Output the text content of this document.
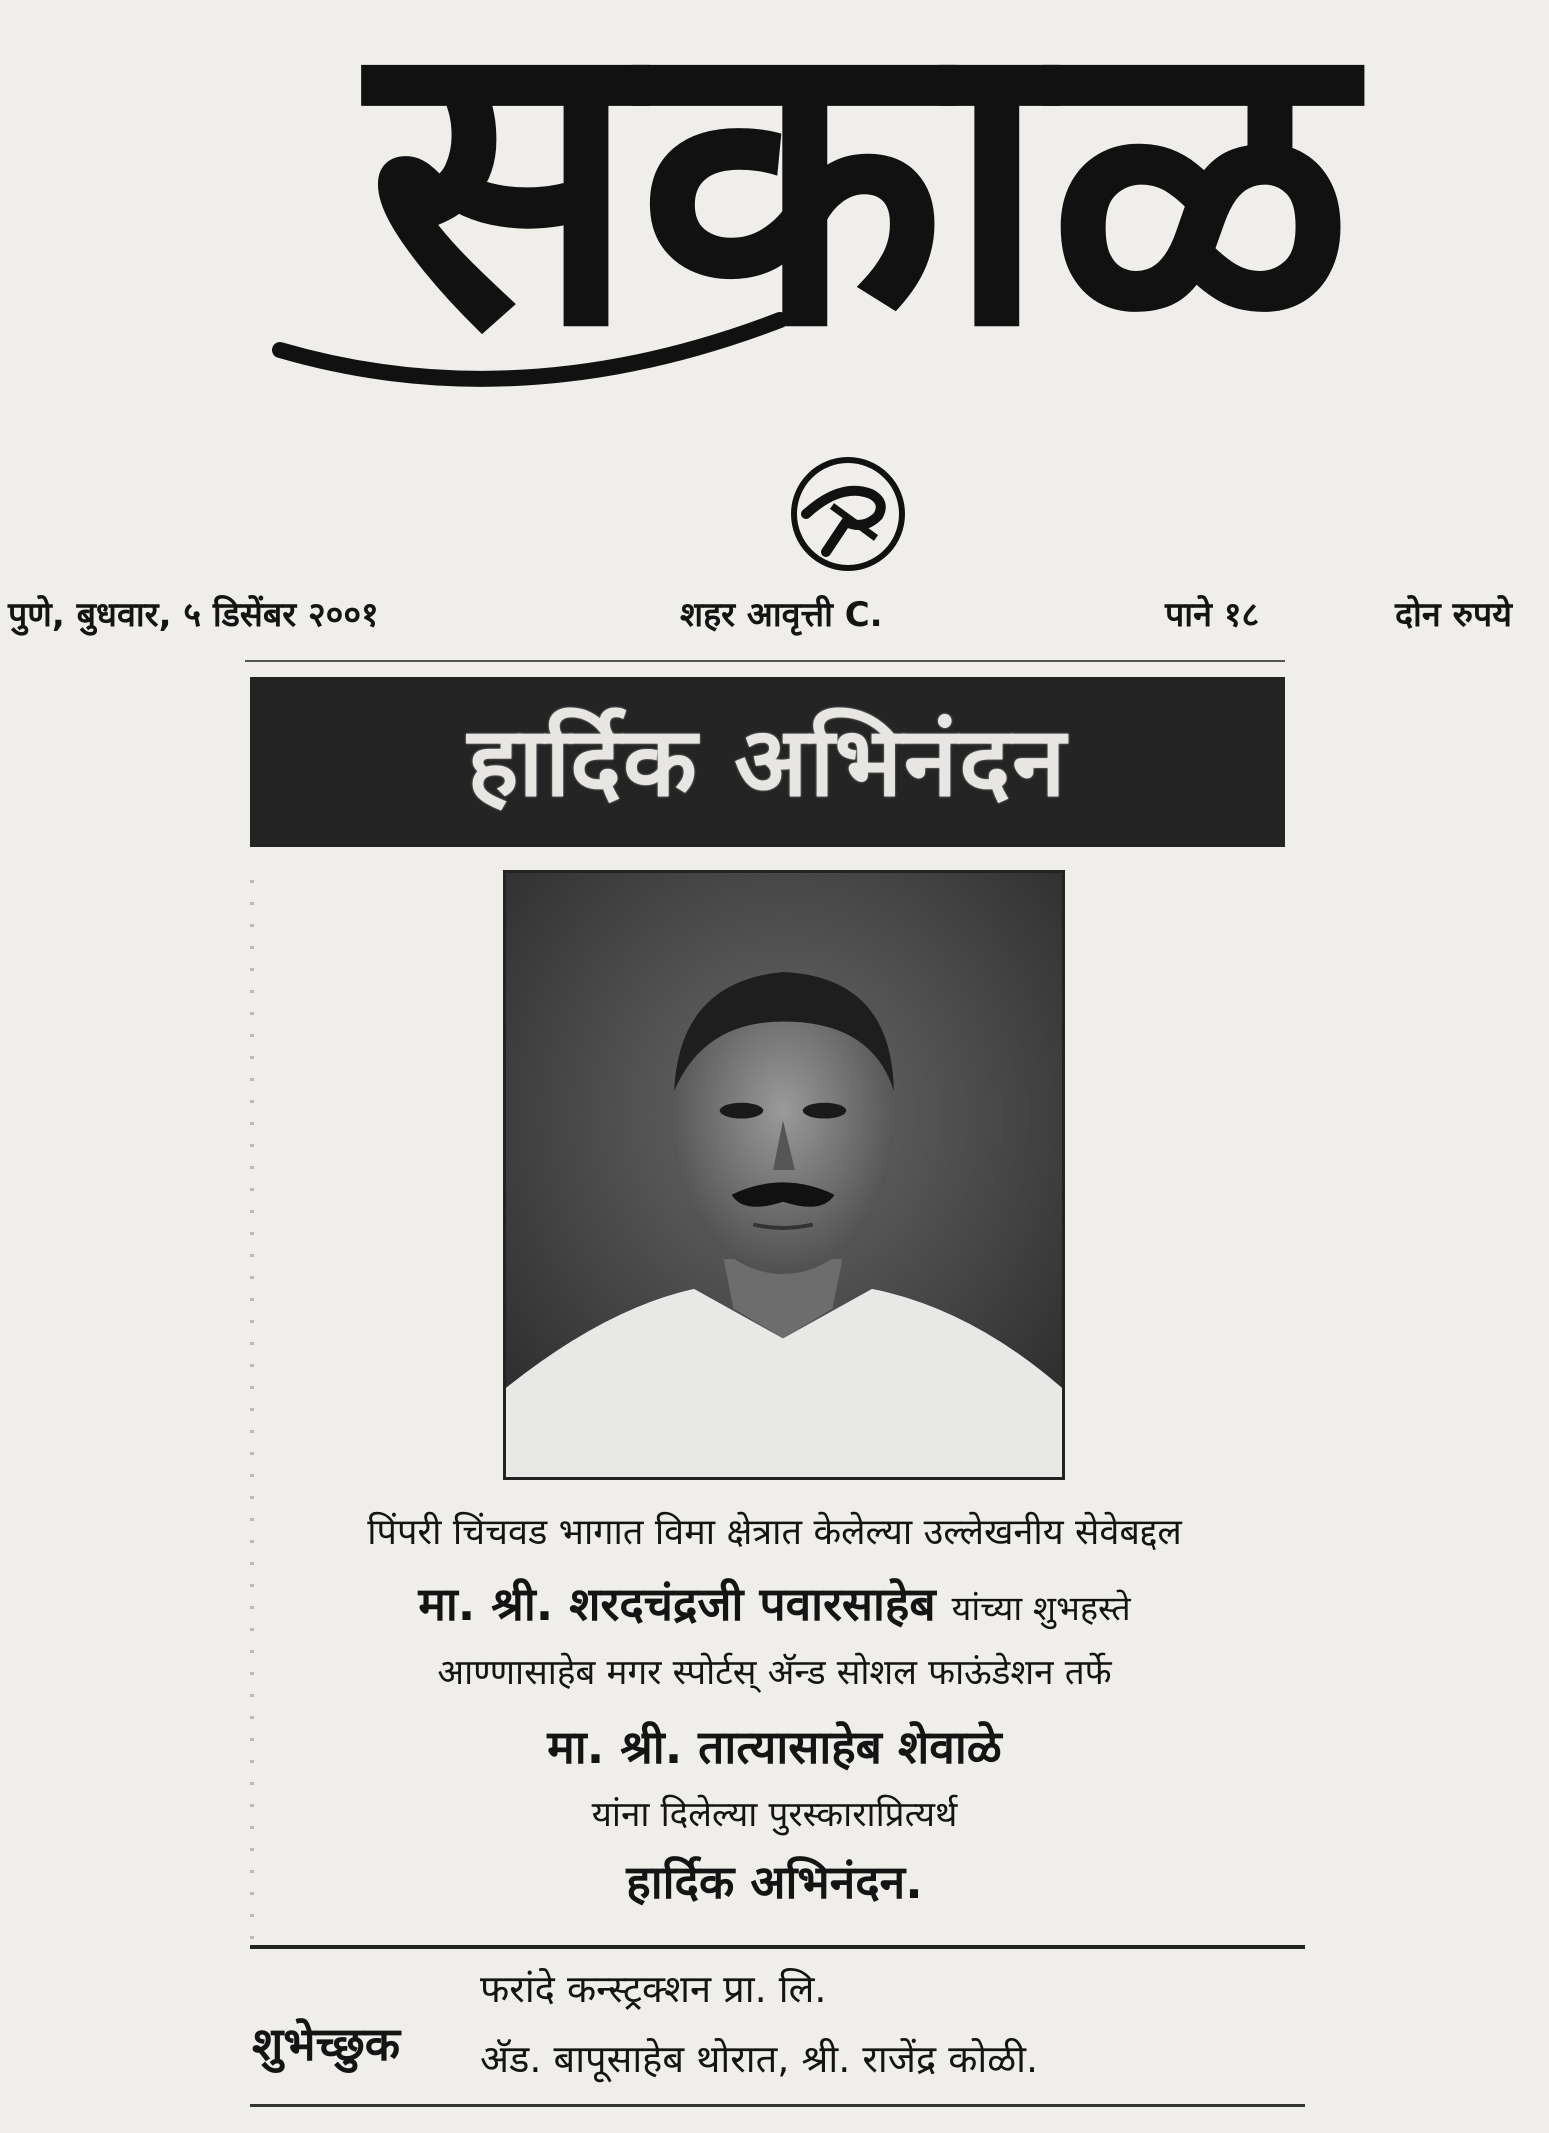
सकाळ
पुणे, बुधवार, ५ डिसेंबर २००१	शहर आवृत्ती C.	पाने १८	दोन रुपये
हार्दिक अभिनंदन
पिंपरी चिंचवड भागात विमा क्षेत्रात केलेल्या उल्लेखनीय सेवेबद्दल
मा. श्री. शरदचंद्रजी पवारसाहेब यांच्या शुभहस्ते
आण्णासाहेब मगर स्पोर्टस् अ‍ॅन्ड सोशल फाऊंडेशन तर्फे
मा. श्री. तात्यासाहेब शेवाळे
यांना दिलेल्या पुरस्काराप्रित्यर्थ
हार्दिक अभिनंदन.
शुभेच्छुक
फरांदे कन्स्ट्रक्शन प्रा. लि.
अ‍ॅड. बापूसाहेब थोरात, श्री. राजेंद्र कोळी.
